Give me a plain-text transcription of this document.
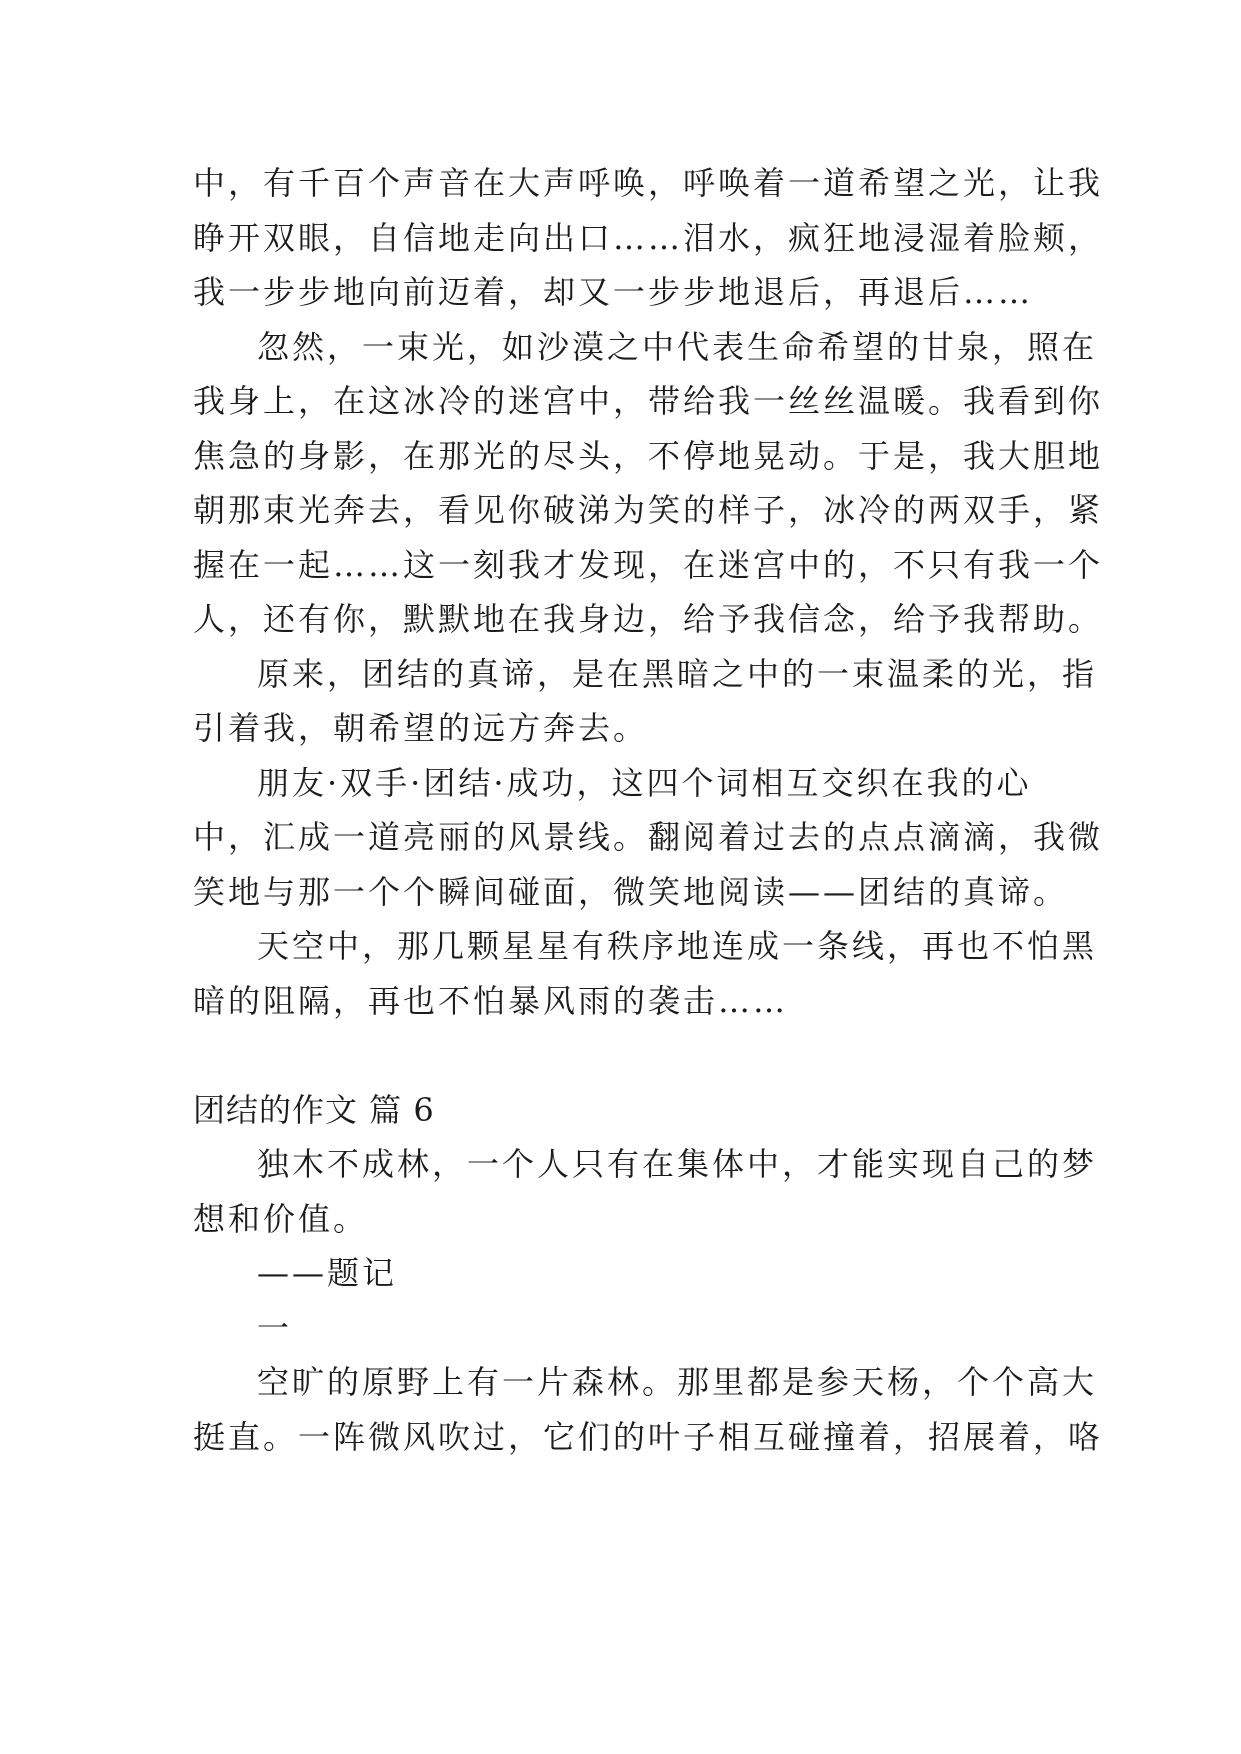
中，有千百个声音在大声呼唤，呼唤着一道希望之光，让我
睁开双眼，自信地走向出口……泪水，疯狂地浸湿着脸颊，
我一步步地向前迈着，却又一步步地退后，再退后……
忽然，一束光，如沙漠之中代表生命希望的甘泉，照在
我身上，在这冰冷的迷宫中，带给我一丝丝温暖。我看到你
焦急的身影，在那光的尽头，不停地晃动。于是，我大胆地
朝那束光奔去，看见你破涕为笑的样子，冰冷的两双手，紧
握在一起……这一刻我才发现，在迷宫中的，不只有我一个
人，还有你，默默地在我身边，给予我信念，给予我帮助。
原来，团结的真谛，是在黑暗之中的一束温柔的光，指
引着我，朝希望的远方奔去。
朋友·双手·团结·成功，这四个词相互交织在我的心
中，汇成一道亮丽的风景线。翻阅着过去的点点滴滴，我微
笑地与那一个个瞬间碰面，微笑地阅读——团结的真谛。
天空中，那几颗星星有秩序地连成一条线，再也不怕黑
暗的阻隔，再也不怕暴风雨的袭击……
团结的作文 篇 6
独木不成林，一个人只有在集体中，才能实现自己的梦
想和价值。
——题记
一
空旷的原野上有一片森林。那里都是参天杨，个个高大
挺直。一阵微风吹过，它们的叶子相互碰撞着，招展着，咯
